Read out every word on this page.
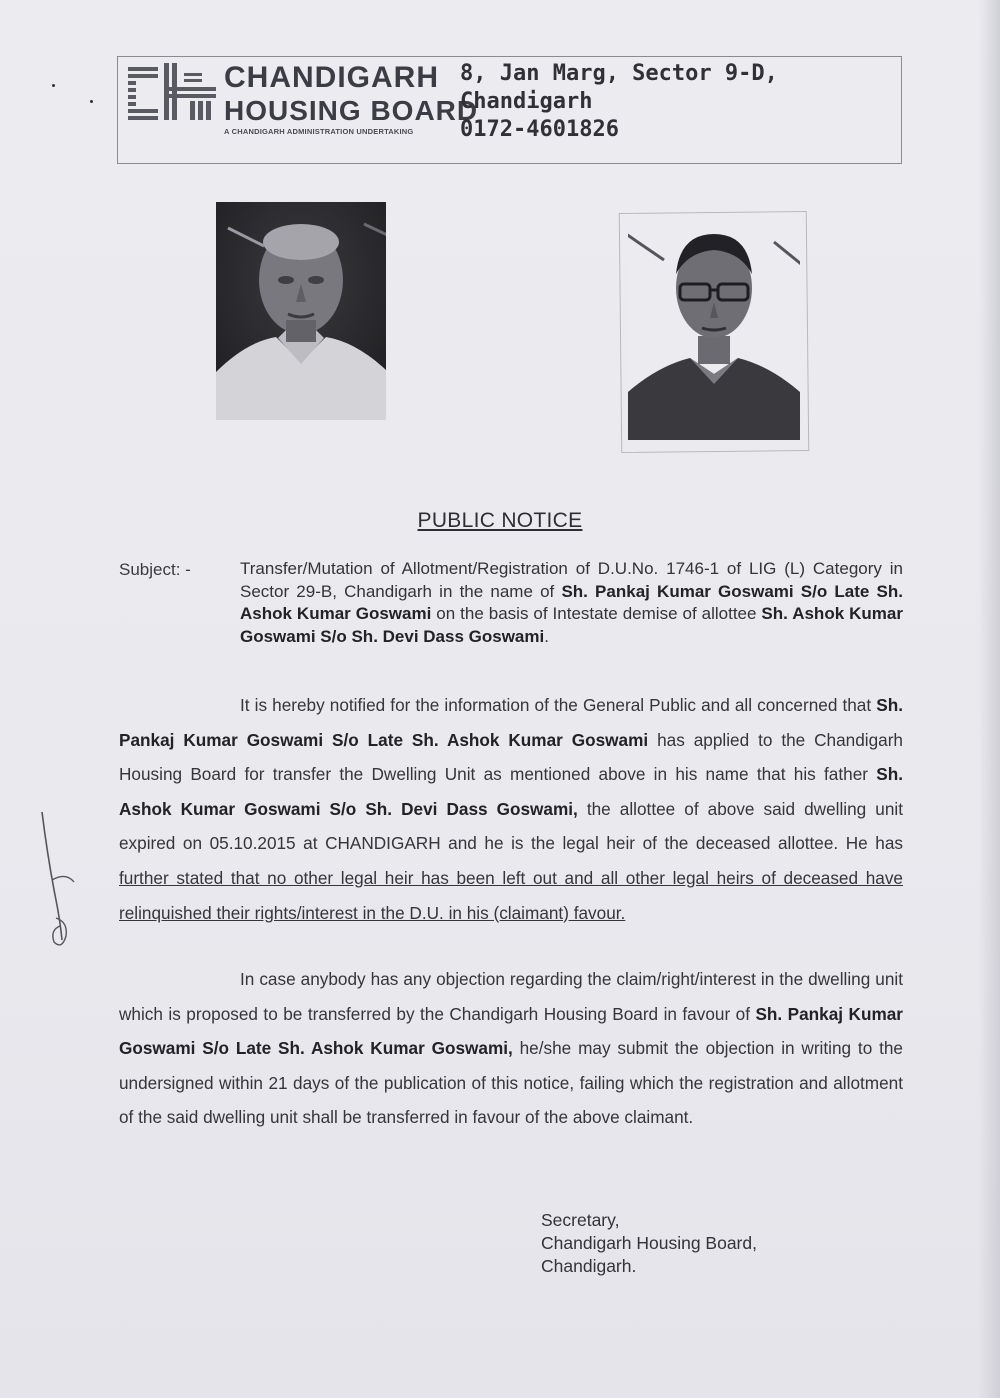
CHANDIGARH
HOUSING BOARD
A CHANDIGARH ADMINISTRATION UNDERTAKING
8, Jan Marg, Sector 9-D,
Chandigarh
0172-4601826
PUBLIC NOTICE
Subject: -	Transfer/Mutation of Allotment/Registration of D.U.No. 1746-1 of LIG (L) Category in Sector 29-B, Chandigarh in the name of Sh. Pankaj Kumar Goswami S/o Late Sh. Ashok Kumar Goswami on the basis of Intestate demise of allottee Sh. Ashok Kumar Goswami S/o Sh. Devi Dass Goswami.
It is hereby notified for the information of the General Public and all concerned that Sh. Pankaj Kumar Goswami S/o Late Sh. Ashok Kumar Goswami has applied to the Chandigarh Housing Board for transfer the Dwelling Unit as mentioned above in his name that his father Sh. Ashok Kumar Goswami S/o Sh. Devi Dass Goswami, the allottee of above said dwelling unit expired on 05.10.2015 at CHANDIGARH and he is the legal heir of the deceased allottee. He has further stated that no other legal heir has been left out and all other legal heirs of deceased have relinquished their rights/interest in the D.U. in his (claimant) favour.
In case anybody has any objection regarding the claim/right/interest in the dwelling unit which is proposed to be transferred by the Chandigarh Housing Board in favour of Sh. Pankaj Kumar Goswami S/o Late Sh. Ashok Kumar Goswami, he/she may submit the objection in writing to the undersigned within 21 days of the publication of this notice, failing which the registration and allotment of the said dwelling unit shall be transferred in favour of the above claimant.
Secretary,
Chandigarh Housing Board,
Chandigarh.
